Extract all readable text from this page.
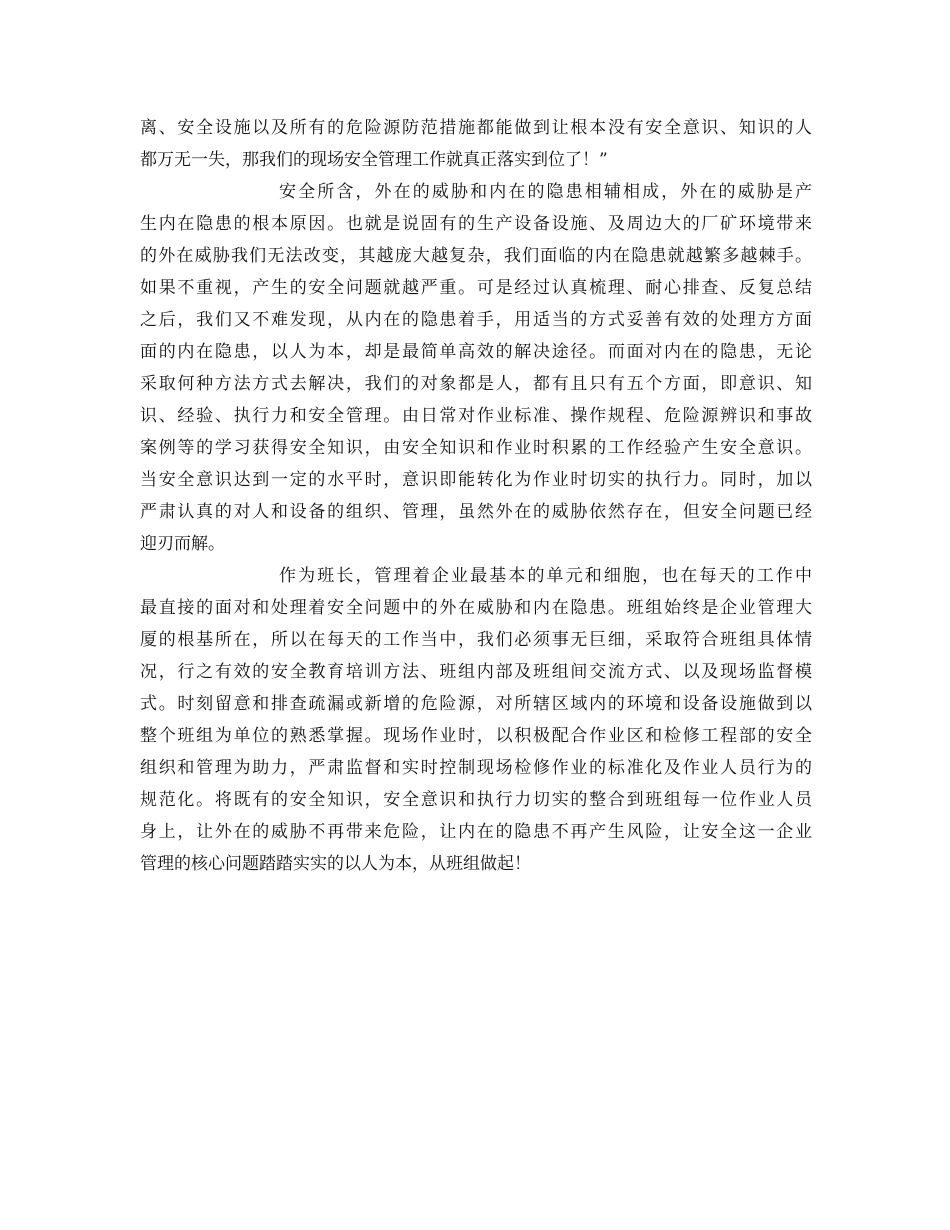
离、安全设施以及所有的危险源防范措施都能做到让根本没有安全意识、知识的人
都万无一失，那我们的现场安全管理工作就真正落实到位了！”
安全所含，外在的威胁和内在的隐患相辅相成，外在的威胁是产
生内在隐患的根本原因。也就是说固有的生产设备设施、及周边大的厂矿环境带来
的外在威胁我们无法改变，其越庞大越复杂，我们面临的内在隐患就越繁多越棘手。
如果不重视，产生的安全问题就越严重。可是经过认真梳理、耐心排查、反复总结
之后，我们又不难发现，从内在的隐患着手，用适当的方式妥善有效的处理方方面
面的内在隐患，以人为本，却是最简单高效的解决途径。而面对内在的隐患，无论
采取何种方法方式去解决，我们的对象都是人，都有且只有五个方面，即意识、知
识、经验、执行力和安全管理。由日常对作业标准、操作规程、危险源辨识和事故
案例等的学习获得安全知识，由安全知识和作业时积累的工作经验产生安全意识。
当安全意识达到一定的水平时，意识即能转化为作业时切实的执行力。同时，加以
严肃认真的对人和设备的组织、管理，虽然外在的威胁依然存在，但安全问题已经
迎刃而解。
作为班长，管理着企业最基本的单元和细胞，也在每天的工作中
最直接的面对和处理着安全问题中的外在威胁和内在隐患。班组始终是企业管理大
厦的根基所在，所以在每天的工作当中，我们必须事无巨细，采取符合班组具体情
况，行之有效的安全教育培训方法、班组内部及班组间交流方式、以及现场监督模
式。时刻留意和排查疏漏或新增的危险源，对所辖区域内的环境和设备设施做到以
整个班组为单位的熟悉掌握。现场作业时，以积极配合作业区和检修工程部的安全
组织和管理为助力，严肃监督和实时控制现场检修作业的标准化及作业人员行为的
规范化。将既有的安全知识，安全意识和执行力切实的整合到班组每一位作业人员
身上，让外在的威胁不再带来危险，让内在的隐患不再产生风险，让安全这一企业
管理的核心问题踏踏实实的以人为本，从班组做起！
